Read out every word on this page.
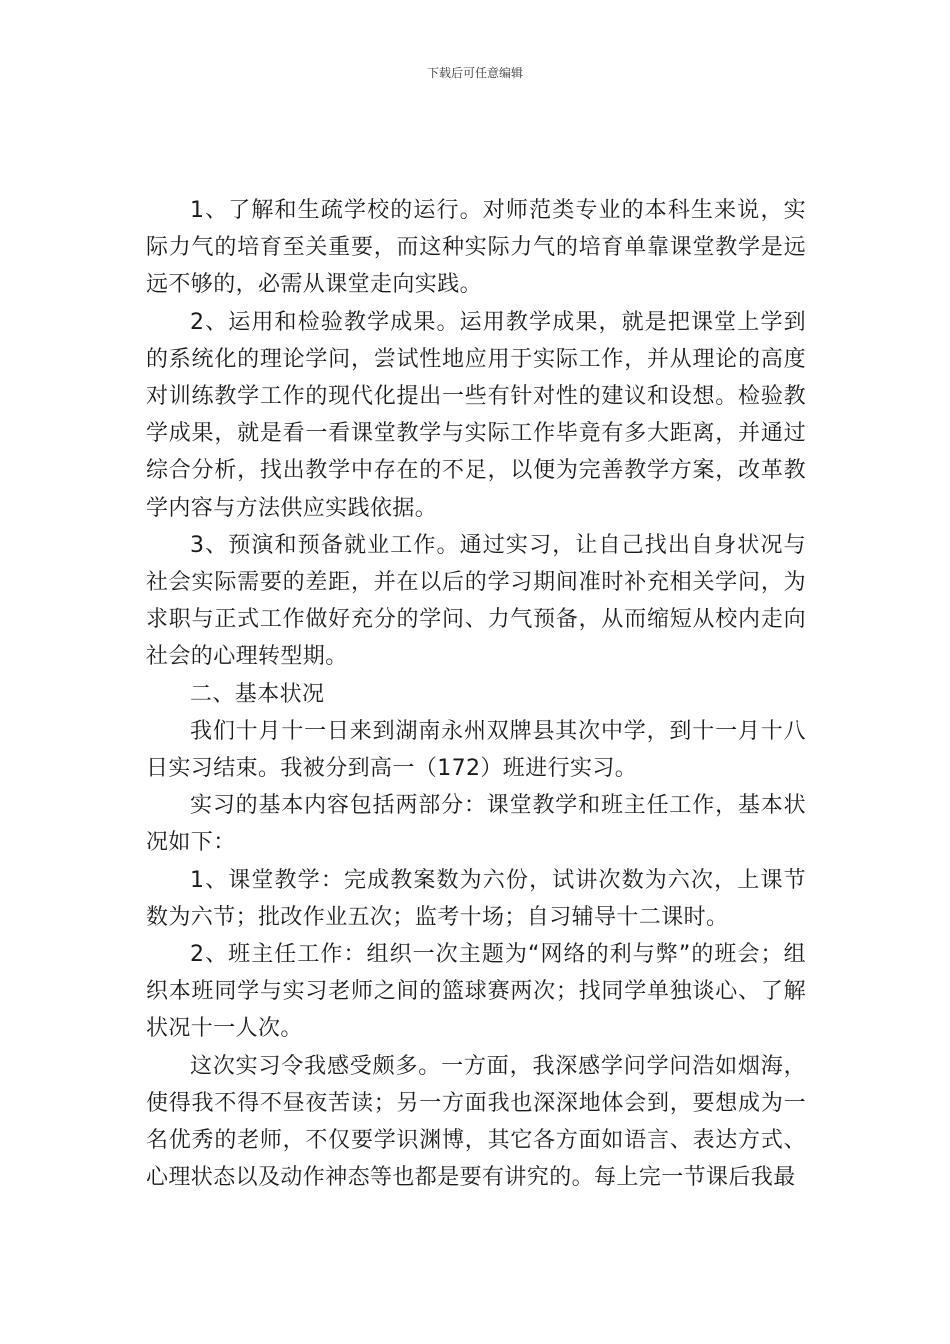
下载后可任意编辑

1、了解和生疏学校的运行。对师范类专业的本科生来说，实际力气的培育至关重要，而这种实际力气的培育单靠课堂教学是远远不够的，必需从课堂走向实践。

2、运用和检验教学成果。运用教学成果，就是把课堂上学到的系统化的理论学问，尝试性地应用于实际工作，并从理论的高度对训练教学工作的现代化提出一些有针对性的建议和设想。检验教学成果，就是看一看课堂教学与实际工作毕竟有多大距离，并通过综合分析，找出教学中存在的不足，以便为完善教学方案，改革教学内容与方法供应实践依据。

3、预演和预备就业工作。通过实习，让自己找出自身状况与社会实际需要的差距，并在以后的学习期间准时补充相关学问，为求职与正式工作做好充分的学问、力气预备，从而缩短从校内走向社会的心理转型期。

二、基本状况

我们十月十一日来到湖南永州双牌县其次中学，到十一月十八日实习结束。我被分到高一（172）班进行实习。

实习的基本内容包括两部分：课堂教学和班主任工作，基本状况如下：

1、课堂教学：完成教案数为六份，试讲次数为六次，上课节数为六节；批改作业五次；监考十场；自习辅导十二课时。

2、班主任工作：组织一次主题为“网络的利与弊”的班会；组织本班同学与实习老师之间的篮球赛两次；找同学单独谈心、了解状况十一人次。

这次实习令我感受颇多。一方面，我深感学问学问浩如烟海，使得我不得不昼夜苦读；另一方面我也深深地体会到，要想成为一名优秀的老师，不仅要学识渊博，其它各方面如语言、表达方式、心理状态以及动作神态等也都是要有讲究的。每上完一节课后我最
